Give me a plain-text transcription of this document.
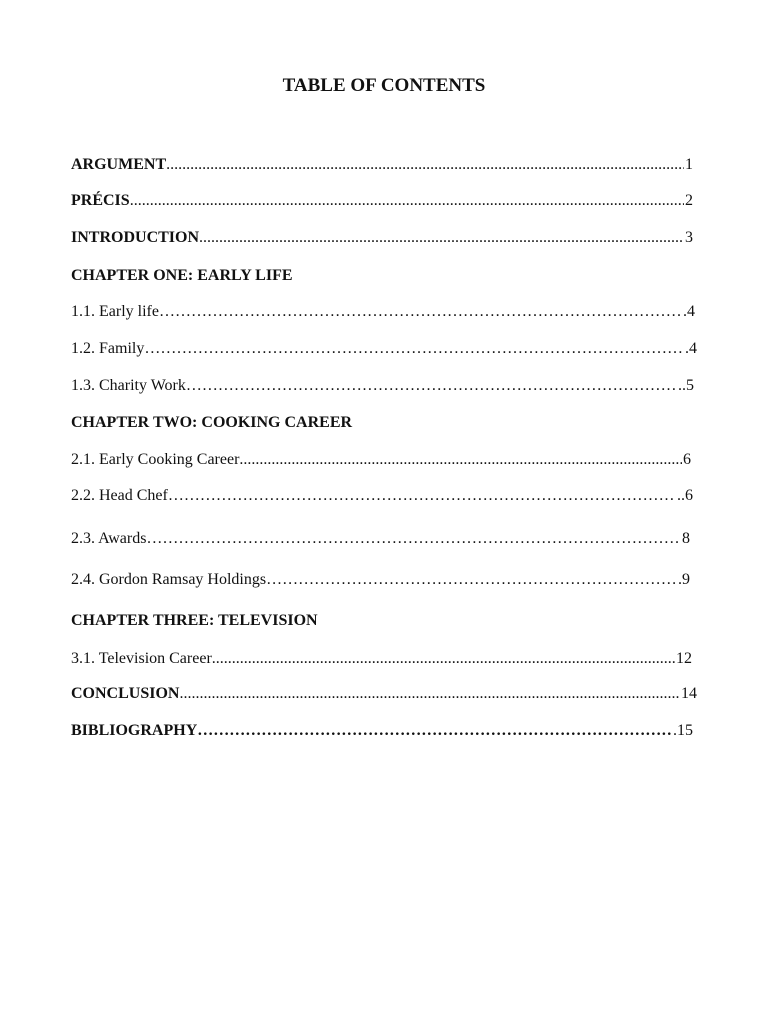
TABLE OF CONTENTS
ARGUMENT .....	1
PRÉCIS .....	2
INTRODUCTION .....	3
CHAPTER ONE: EARLY LIFE
1.1. Early life ……………………………………………………………………………………………………………………………………………………………………………………………………………………	.4
1.2. Family ……………………………………………………………………………………………………………………………………………………………………………………………………………………	.4
1.3. Charity Work ……………………………………………………………………………………………………………………………………………………………………………………………………………………	..5
CHAPTER TWO: COOKING CAREER
2.1. Early Cooking Career .....	6
2.2. Head Chef ……………………………………………………………………………………………………………………………………………………………………………………………………………………	..6
2.3. Awards ……………………………………………………………………………………………………………………………………………………………………………………………………………………	8
2.4. Gordon Ramsay Holdings ……………………………………………………………………………………………………………………………………………………………………………………………………………………	.9
CHAPTER THREE: TELEVISION
3.1. Television Career .....	12
CONCLUSION .....	14
BIBLIOGRAPHY ……………………………………………………………………………………………………………………………………………………………………………………………………………………	.15
